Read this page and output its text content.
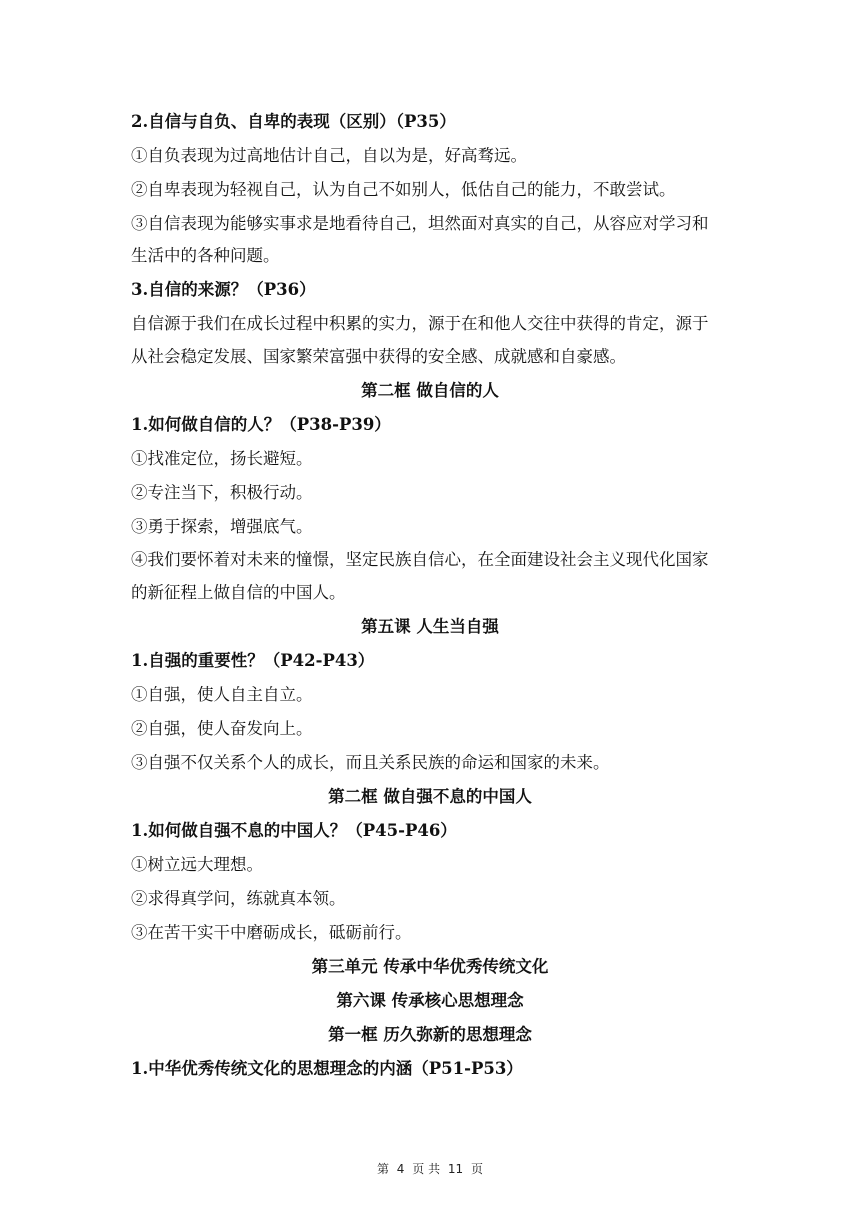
2.自信与自负、自卑的表现（区别）（P35）
①自负表现为过高地估计自己，自以为是，好高骛远。
②自卑表现为轻视自己，认为自己不如别人，低估自己的能力，不敢尝试。
③自信表现为能够实事求是地看待自己，坦然面对真实的自己，从容应对学习和
生活中的各种问题。
3.自信的来源？（P36）
自信源于我们在成长过程中积累的实力，源于在和他人交往中获得的肯定，源于
从社会稳定发展、国家繁荣富强中获得的安全感、成就感和自豪感。
第二框 做自信的人
1.如何做自信的人？（P38-P39）
①找准定位，扬长避短。
②专注当下，积极行动。
③勇于探索，增强底气。
④我们要怀着对未来的憧憬，坚定民族自信心，在全面建设社会主义现代化国家
的新征程上做自信的中国人。
第五课 人生当自强
1.自强的重要性？（P42-P43）
①自强，使人自主自立。
②自强，使人奋发向上。
③自强不仅关系个人的成长，而且关系民族的命运和国家的未来。
第二框 做自强不息的中国人
1.如何做自强不息的中国人？（P45-P46）
①树立远大理想。
②求得真学问，练就真本领。
③在苦干实干中磨砺成长，砥砺前行。
第三单元 传承中华优秀传统文化
第六课 传承核心思想理念
第一框 历久弥新的思想理念
1.中华优秀传统文化的思想理念的内涵（P51-P53）
第 4 页 共 11 页
